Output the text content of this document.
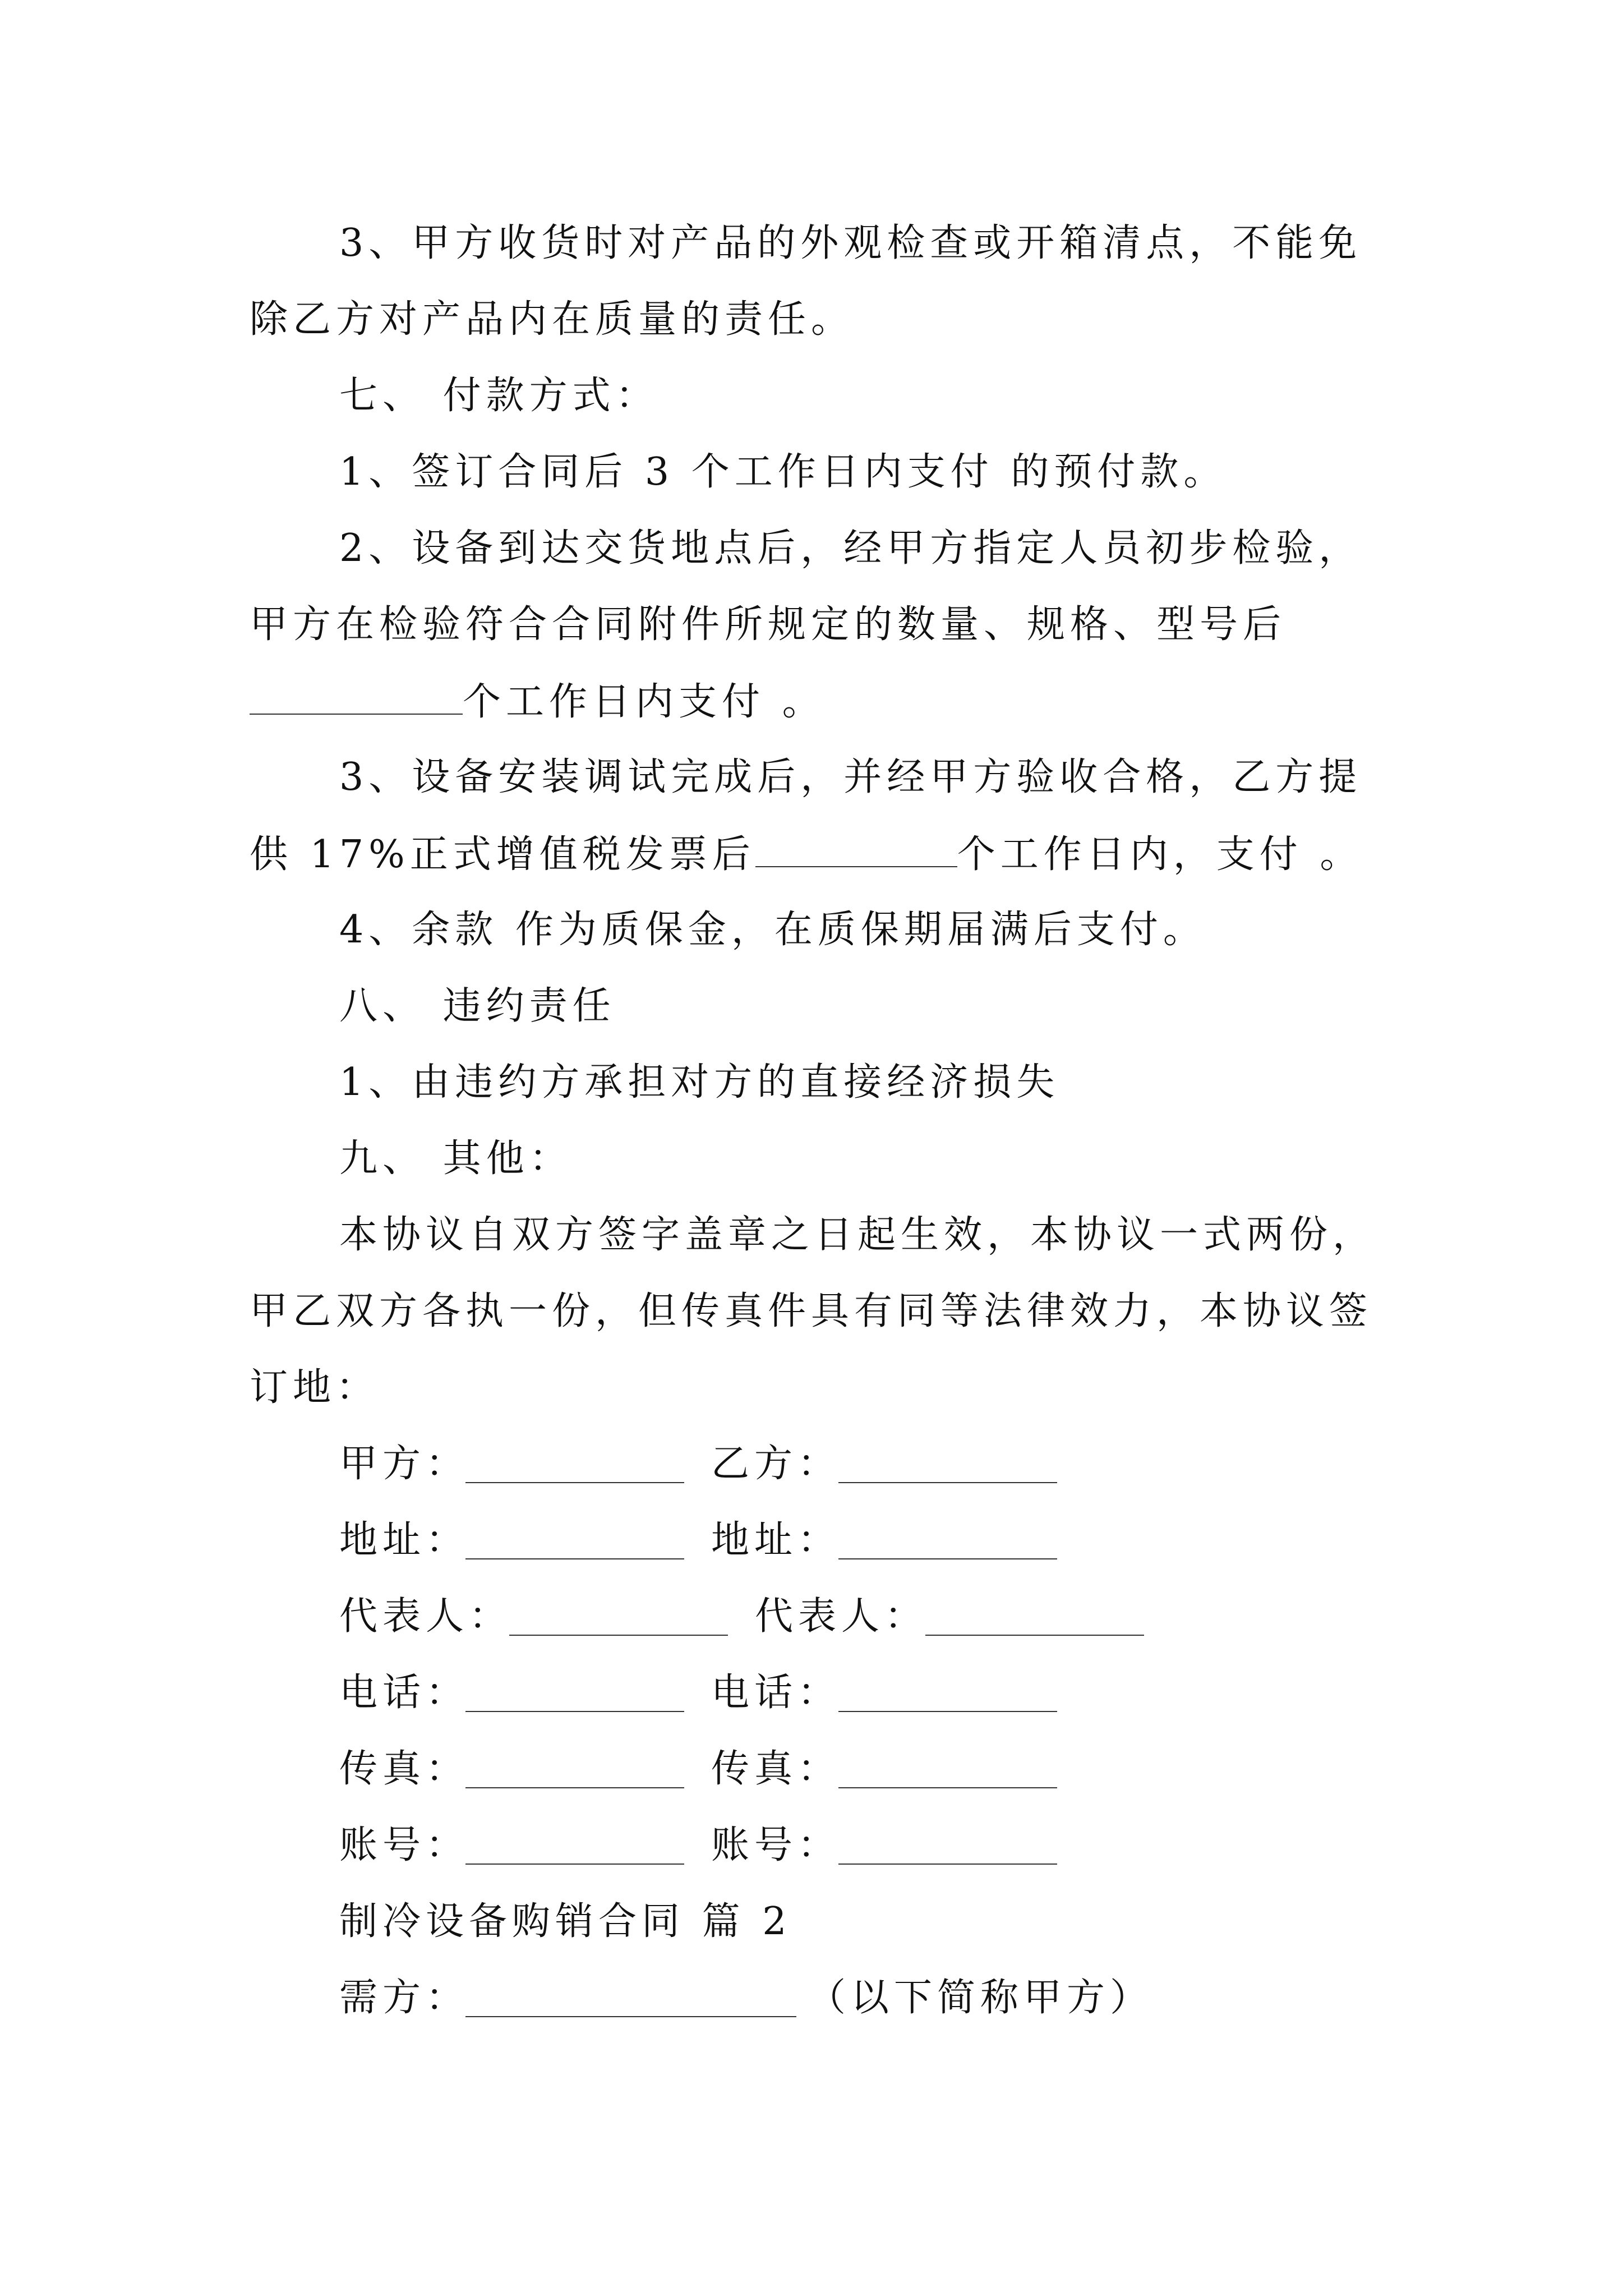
3、甲方收货时对产品的外观检查或开箱清点，不能免
除乙方对产品内在质量的责任。
七、 付款方式：
1、签订合同后 3 个工作日内支付 的预付款。
2、设备到达交货地点后，经甲方指定人员初步检验，
甲方在检验符合合同附件所规定的数量、规格、型号后
个工作日内支付 。
3、设备安装调试完成后，并经甲方验收合格，乙方提
供 17%正式增值税发票后	个工作日内，支付 。
4、余款 作为质保金，在质保期届满后支付。
八、 违约责任
1、由违约方承担对方的直接经济损失
九、 其他：
本协议自双方签字盖章之日起生效，本协议一式两份，
甲乙双方各执一份，但传真件具有同等法律效力，本协议签
订地：
甲方：	乙方：
地址：	地址：
代表人：	代表人：
电话：	电话：
传真：	传真：
账号：	账号：
制冷设备购销合同 篇 2
需方：	（以下简称甲方）
